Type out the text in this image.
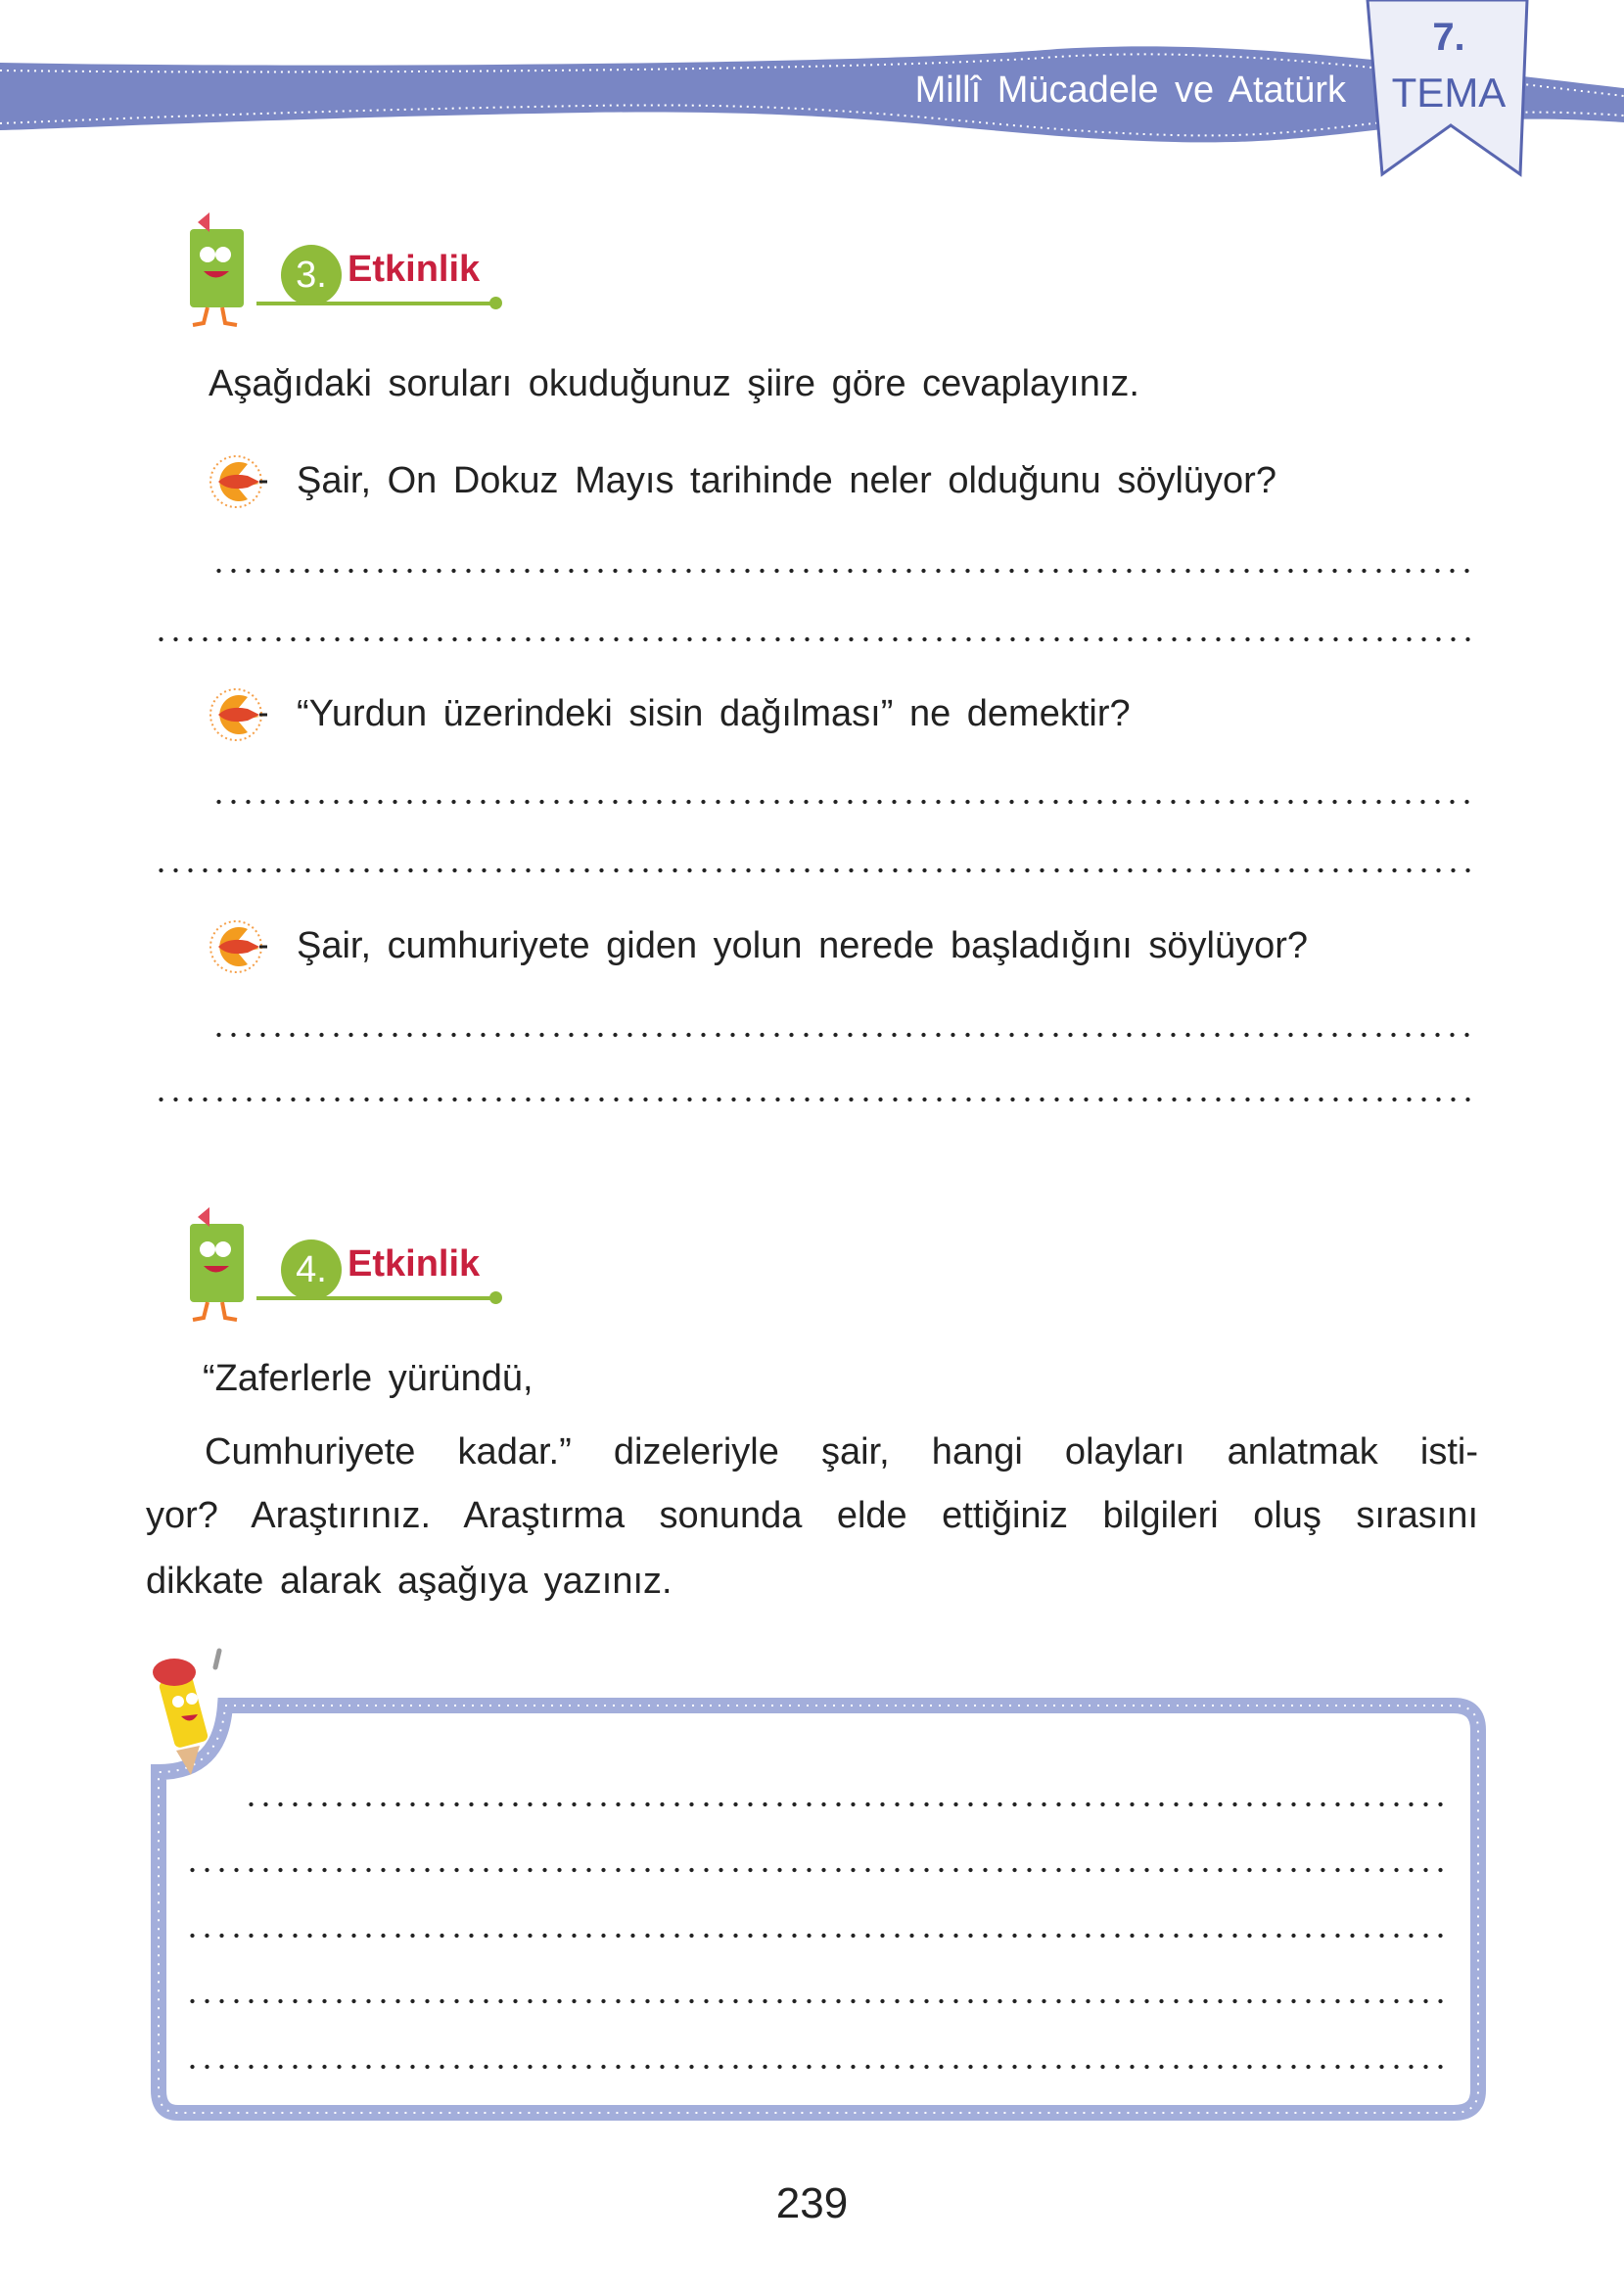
Millî Mücadele ve Atatürk
7.
TEMA
3. Etkinlik
Aşağıdaki soruları okuduğunuz şiire göre cevaplayınız.
Şair, On Dokuz Mayıs tarihinde neler olduğunu söylüyor?
“Yurdun üzerindeki sisin dağılması” ne demektir?
Şair, cumhuriyete giden yolun nerede başladığını söylüyor?
4. Etkinlik
“Zaferlerle yüründü,
Cumhuriyete kadar.” dizeleriyle şair, hangi olayları anlatmak isti-
yor? Araştırınız. Araştırma sonunda elde ettiğiniz bilgileri oluş sırasını
dikkate alarak aşağıya yazınız.
239
